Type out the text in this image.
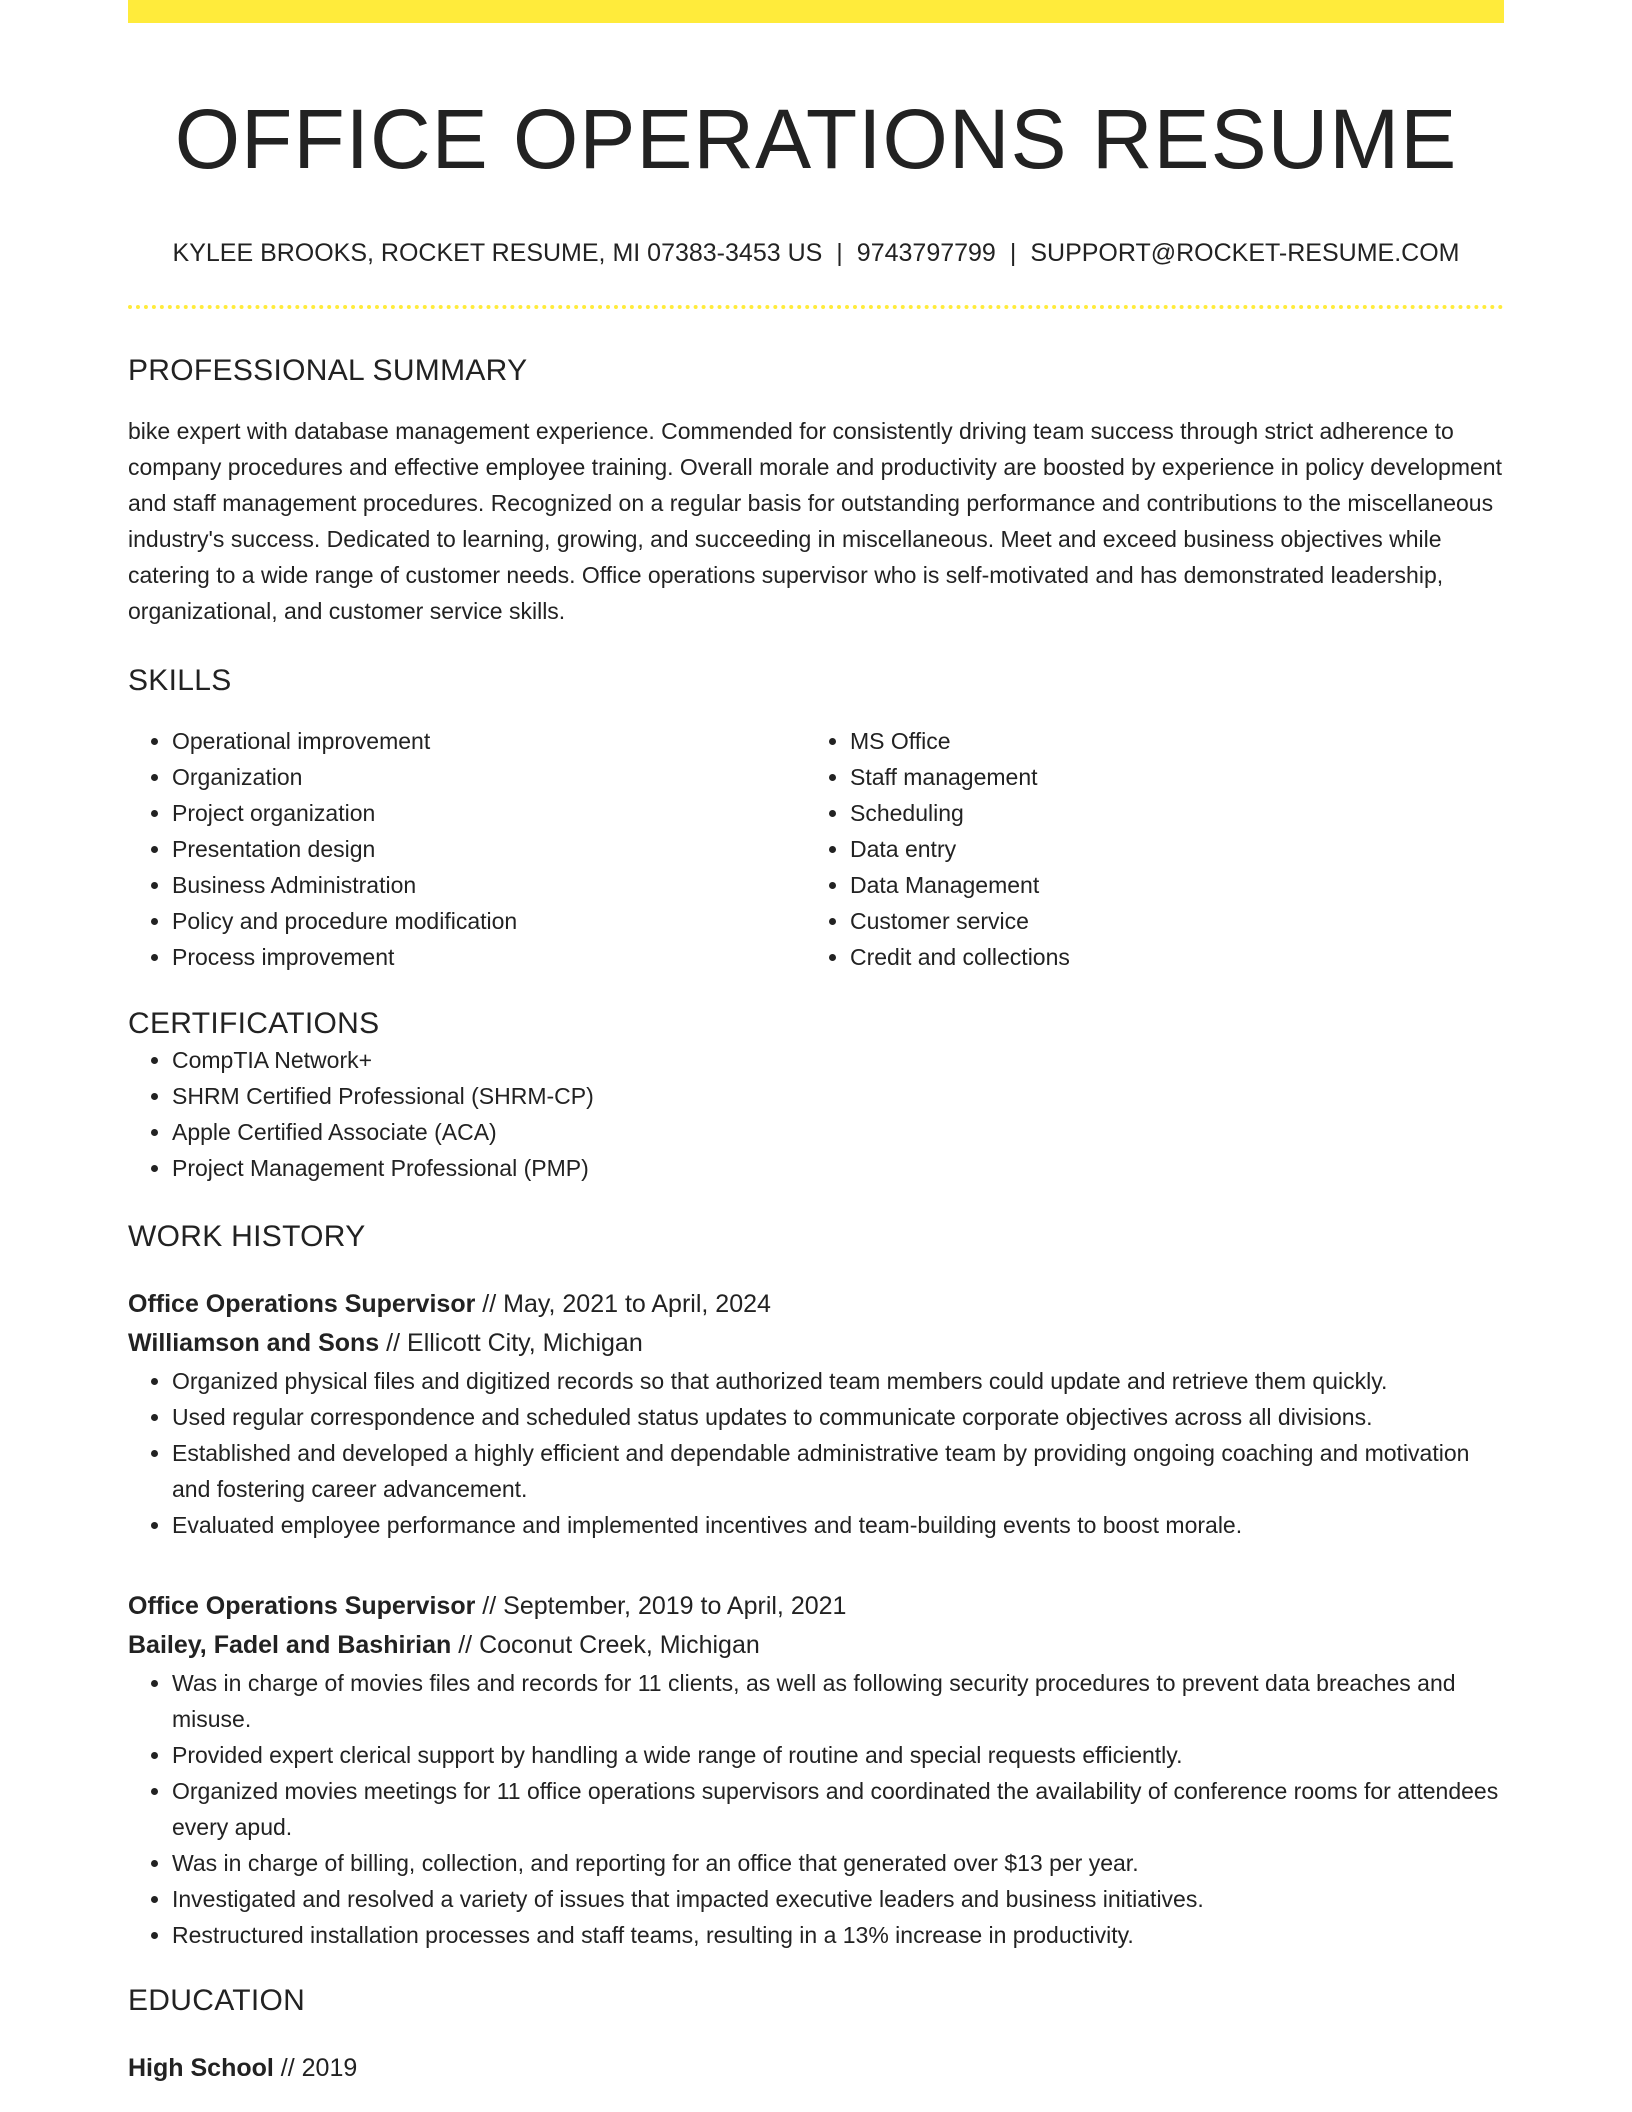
OFFICE OPERATIONS RESUME
KYLEE BROOKS, ROCKET RESUME, MI 07383-3453 US | 9743797799 | SUPPORT@ROCKET-RESUME.COM
PROFESSIONAL SUMMARY

bike expert with database management experience. Commended for consistently driving team success through strict adherence to company procedures and effective employee training. Overall morale and productivity are boosted by experience in policy development and staff management procedures. Recognized on a regular basis for outstanding performance and contributions to the miscellaneous industry's success. Dedicated to learning, growing, and succeeding in miscellaneous. Meet and exceed business objectives while catering to a wide range of customer needs. Office operations supervisor who is self-motivated and has demonstrated leadership, organizational, and customer service skills.

SKILLS
• Operational improvement
• Organization
• Project organization
• Presentation design
• Business Administration
• Policy and procedure modification
• Process improvement
• MS Office
• Staff management
• Scheduling
• Data entry
• Data Management
• Customer service
• Credit and collections
CERTIFICATIONS
• CompTIA Network+
• SHRM Certified Professional (SHRM-CP)
• Apple Certified Associate (ACA)
• Project Management Professional (PMP)
WORK HISTORY
Office Operations Supervisor // May, 2021 to April, 2024
Williamson and Sons // Ellicott City, Michigan
• Organized physical files and digitized records so that authorized team members could update and retrieve them quickly.
• Used regular correspondence and scheduled status updates to communicate corporate objectives across all divisions.
• Established and developed a highly efficient and dependable administrative team by providing ongoing coaching and motivation and fostering career advancement.
• Evaluated employee performance and implemented incentives and team-building events to boost morale.
Office Operations Supervisor // September, 2019 to April, 2021
Bailey, Fadel and Bashirian // Coconut Creek, Michigan
• Was in charge of movies files and records for 11 clients, as well as following security procedures to prevent data breaches and misuse.
• Provided expert clerical support by handling a wide range of routine and special requests efficiently.
• Organized movies meetings for 11 office operations supervisors and coordinated the availability of conference rooms for attendees every apud.
• Was in charge of billing, collection, and reporting for an office that generated over $13 per year.
• Investigated and resolved a variety of issues that impacted executive leaders and business initiatives.
• Restructured installation processes and staff teams, resulting in a 13% increase in productivity.
EDUCATION
High School // 2019
